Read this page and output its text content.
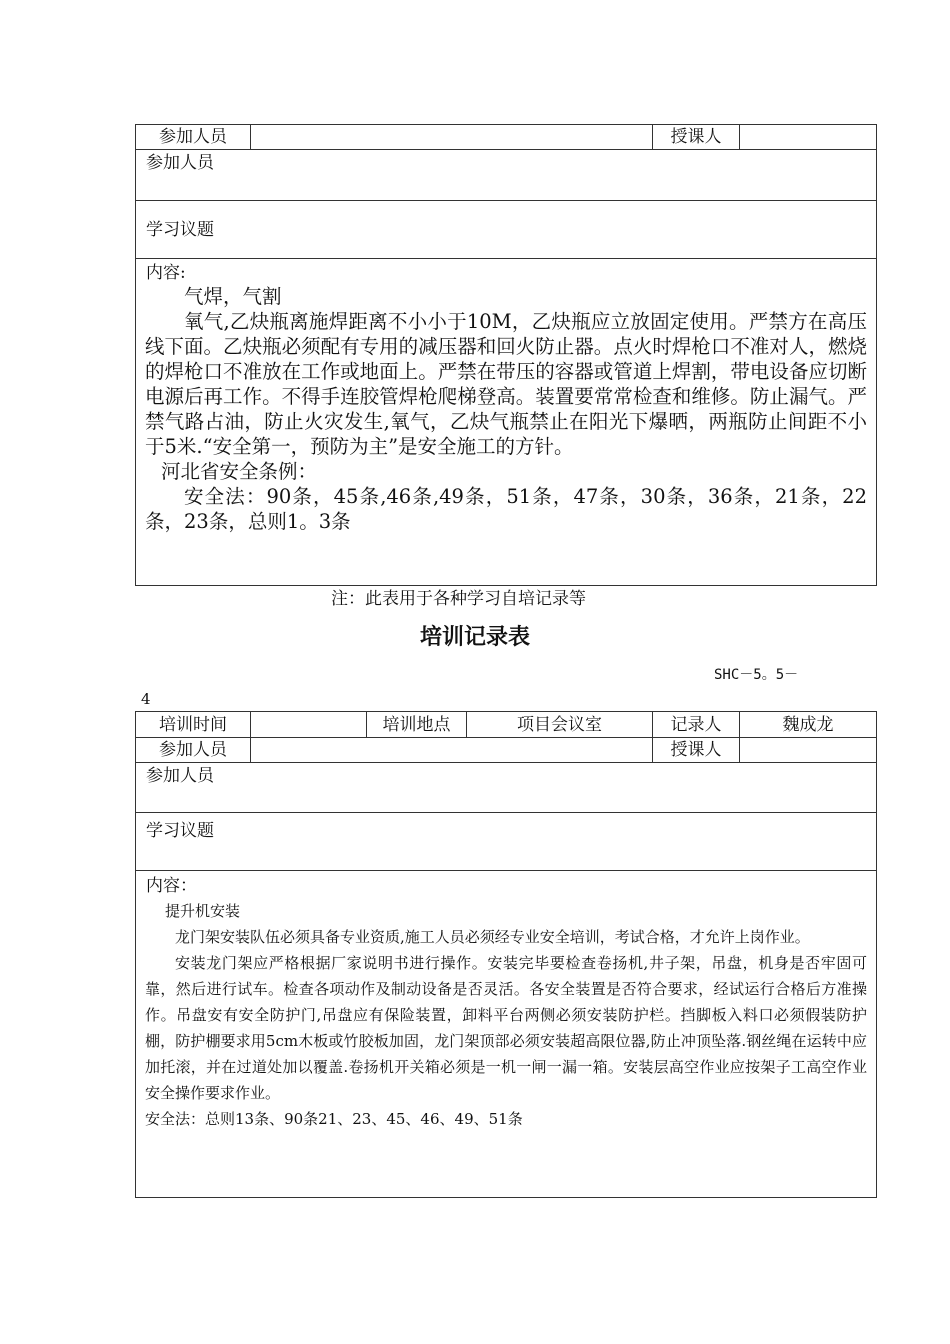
参加人员	授课人
参加人员
学习议题
内容:

气焊，气割

氧气,乙炔瓶离施焊距离不小小于10M，乙炔瓶应立放固定使用。严禁方在高压线下面。乙炔瓶必须配有专用的减压器和回火防止器。点火时焊枪口不准对人，燃烧的焊枪口不准放在工作或地面上。严禁在带压的容器或管道上焊割，带电设备应切断电源后再工作。不得手连胶管焊枪爬梯登高。装置要常常检查和维修。防止漏气。严禁气路占油，防止火灾发生,氧气，乙炔气瓶禁止在阳光下爆晒，两瓶防止间距不小于5米.“安全第一，预防为主”是安全施工的方针。

河北省安全条例：

安全法：90条，45条,46条,49条，51条，47条，30条，36条，21条，22条，23条，总则1。3条

注：此表用于各种学习自培记录等
培训记录表
SHC－5。5－
4
培训时间	培训地点	项目会议室	记录人	魏成龙
参加人员	授课人
参加人员
学习议题
内容：

提升机安装

龙门架安装队伍必须具备专业资质,施工人员必须经专业安全培训，考试合格，才允许上岗作业。

安装龙门架应严格根据厂家说明书进行操作。安装完毕要检查卷扬机,井子架，吊盘，机身是否牢固可靠，然后进行试车。检查各项动作及制动设备是否灵活。各安全装置是否符合要求，经试运行合格后方准操作。吊盘安有安全防护门,吊盘应有保险装置，卸料平台两侧必须安装防护栏。挡脚板入料口必须假装防护棚，防护棚要求用5cm木板或竹胶板加固，龙门架顶部必须安装超高限位器,防止冲顶坠落.钢丝绳在运转中应加托滚，并在过道处加以覆盖.卷扬机开关箱必须是一机一闸一漏一箱。安装层高空作业应按架子工高空作业安全操作要求作业。

安全法：总则13条、90条21、23、45、46、49、51条
